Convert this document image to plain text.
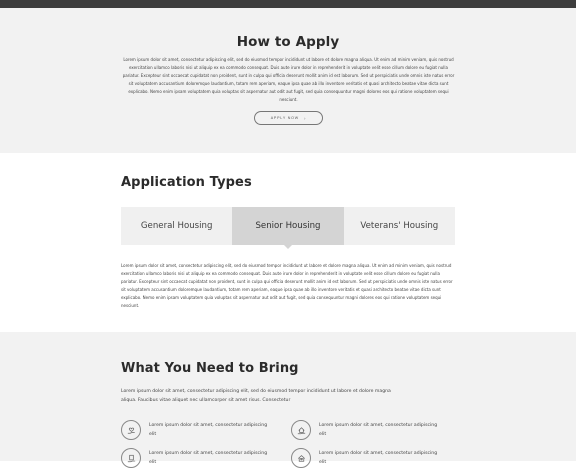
How to Apply

Lorem ipsum dolor sit amet, consectetur adipiscing elit, sed do eiusmod tempor incididunt ut labore et dolore magna aliqua. Ut enim ad minim veniam, quis nostrud exercitation ullamco laboris nisi ut aliquip ex ea commodo consequat. Duis aute irure dolor in reprehenderit in voluptate velit esse cillum dolore eu fugiat nulla pariatur. Excepteur sint occaecat cupidatat non proident, sunt in culpa qui officia deserunt mollit anim id est laborum. Sed ut perspiciatis unde omnis iste natus error sit voluptatem accusantium doloremque laudantium, totam rem aperiam, eaque ipsa quae ab illo inventore veritatis et quasi architecto beatae vitae dicta sunt explicabo. Nemo enim ipsam voluptatem quia voluptas sit aspernatur aut odit aut fugit, sed quia consequuntur magni dolores eos qui ratione voluptatem sequi nesciunt.

APPLY NOW ›
Application Types
General Housing	Senior Housing	Veterans' Housing

Lorem ipsum dolor sit amet, consectetur adipiscing elit, sed do eiusmod tempor incididunt ut labore et dolore magna aliqua. Ut enim ad minim veniam, quis nostrud exercitation ullamco laboris nisi ut aliquip ex ea commodo consequat. Duis aute irure dolor in reprehenderit in voluptate velit esse cillum dolore eu fugiat nulla pariatur. Excepteur sint occaecat cupidatat non proident, sunt in culpa qui officia deserunt mollit anim id est laborum. Sed ut perspiciatis unde omnis iste natus error sit voluptatem accusantium doloremque laudantium, totam rem aperiam, eaque ipsa quae ab illo inventore veritatis et quasi architecto beatae vitae dicta sunt explicabo. Nemo enim ipsam voluptatem quia voluptas sit aspernatur aut odit aut fugit, sed quia consequuntur magni dolores eos qui ratione voluptatem sequi nesciunt.

What You Need to Bring

Lorem ipsum dolor sit amet, consectetur adipiscing elit, sed do eiusmod tempor incididunt ut labore et dolore magna aliqua. Faucibus vitae aliquet nec ullamcorper sit amet risus. Consectetur

Lorem ipsum dolor sit amet, consectetur adipiscing elit
Lorem ipsum dolor sit amet, consectetur adipiscing elit
Lorem ipsum dolor sit amet, consectetur adipiscing elit
Lorem ipsum dolor sit amet, consectetur adipiscing elit
